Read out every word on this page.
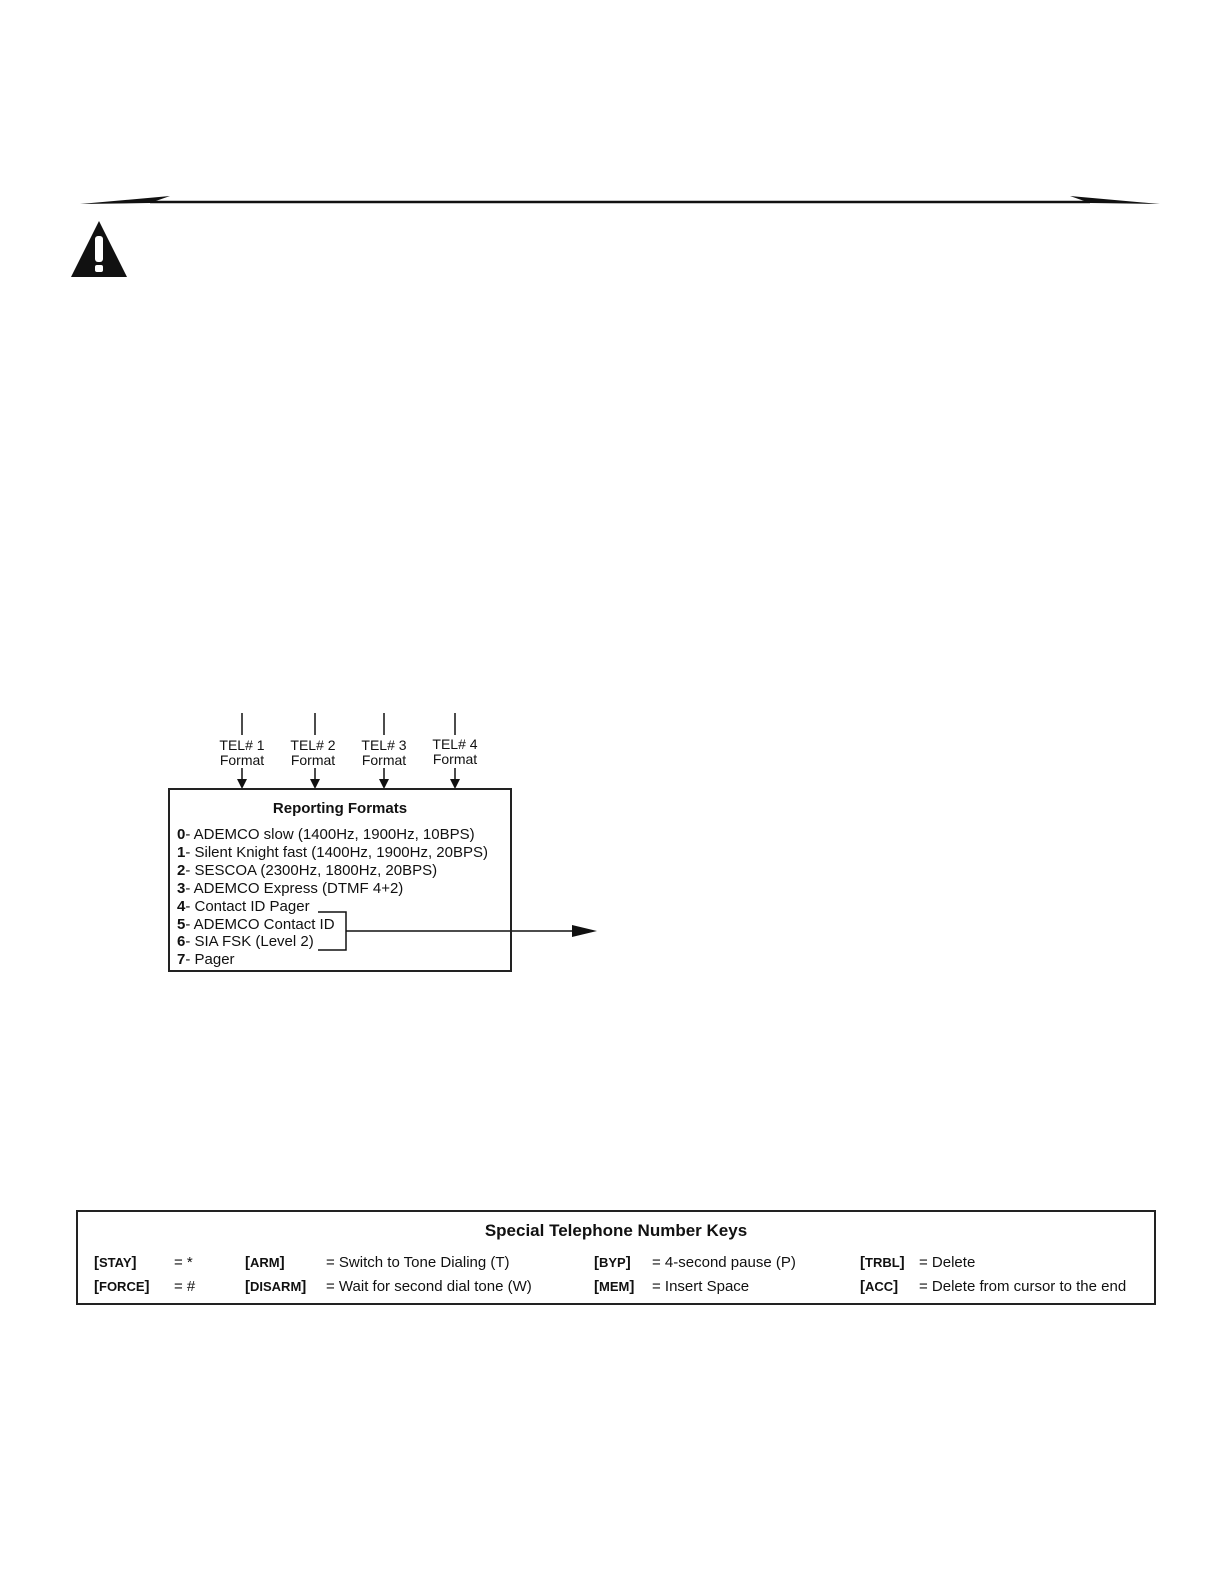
TEL# 1
Format
TEL# 2
Format
TEL# 3
Format
TEL# 4
Format
Reporting Formats
0- ADEMCO slow (1400Hz, 1900Hz, 10BPS)
1- Silent Knight fast (1400Hz, 1900Hz, 20BPS)
2- SESCOA (2300Hz, 1800Hz, 20BPS)
3- ADEMCO Express (DTMF 4+2)
4- Contact ID Pager
5- ADEMCO Contact ID
6- SIA FSK (Level 2)
7- Pager
Special Telephone Number Keys
[STAY] = *	[ARM]	= Switch to Tone Dialing (T)	[BYP] = 4-second pause (P)	[TRBL] = Delete
[FORCE] = #	[DISARM] = Wait for second dial tone (W)	[MEM] = Insert Space	[ACC] = Delete from cursor to the end
